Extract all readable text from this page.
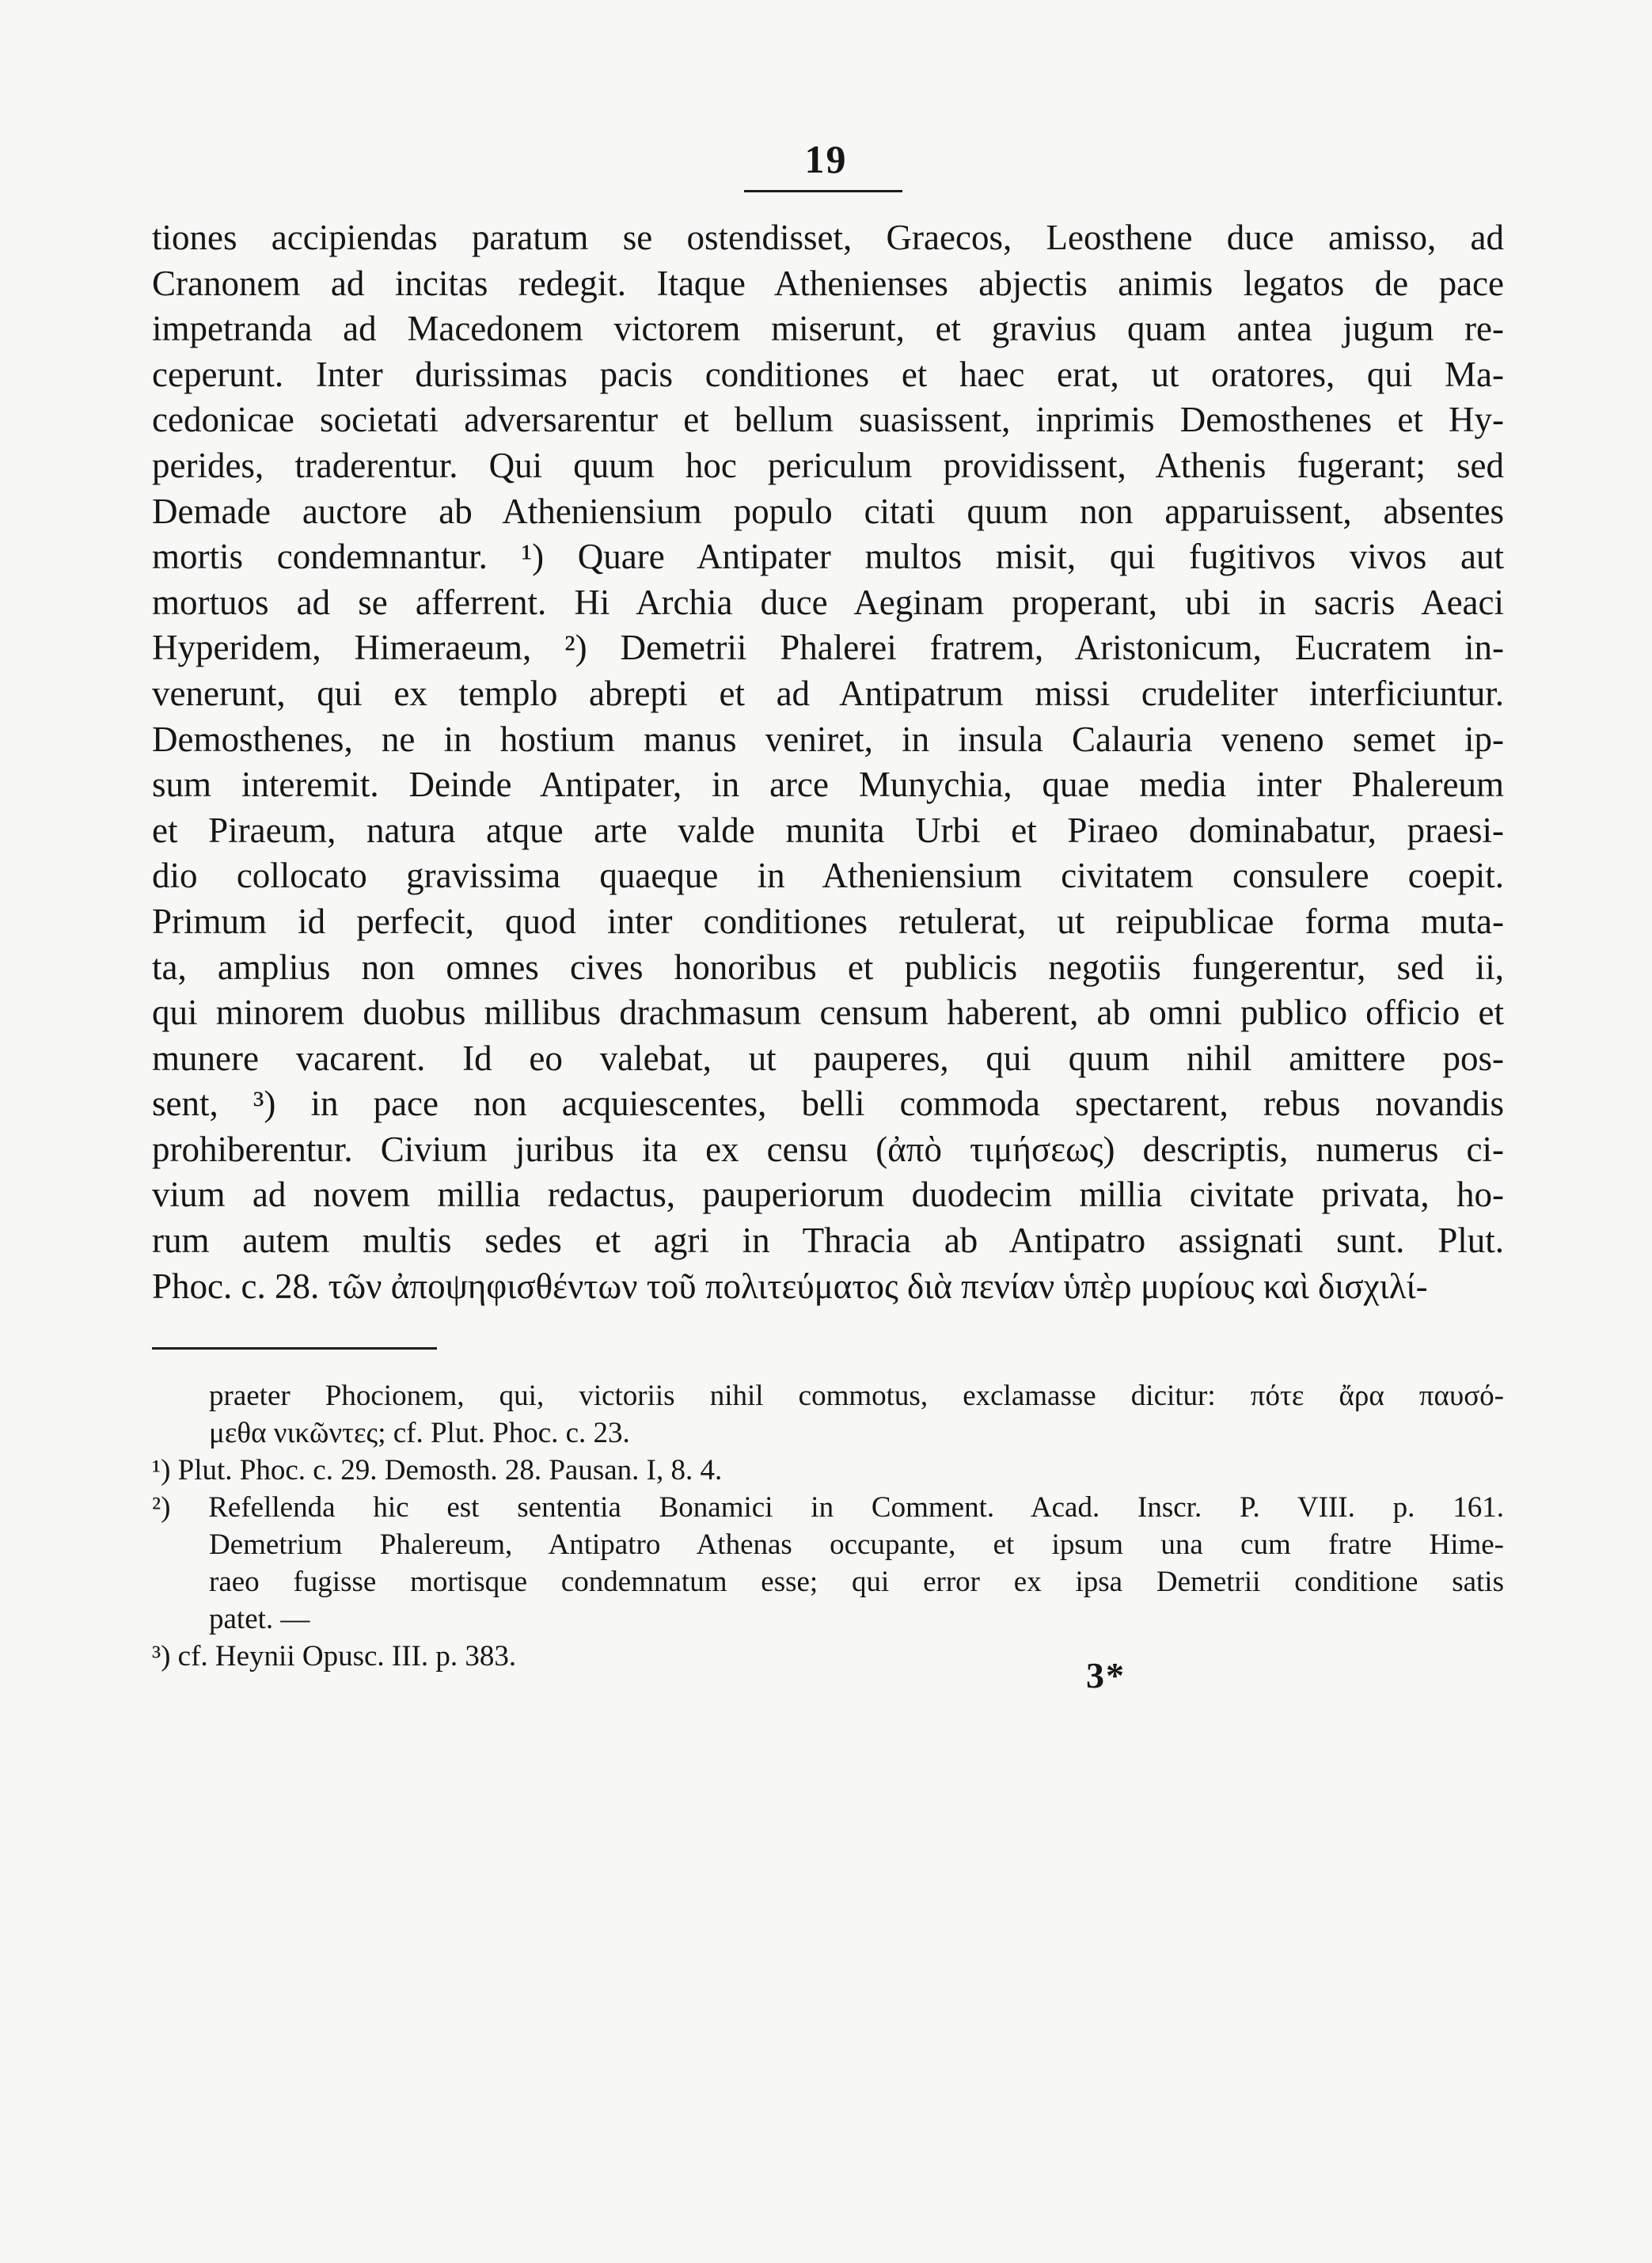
19
tiones accipiendas paratum se ostendisset, Graecos, Leosthene duce amisso, ad
Cranonem ad incitas redegit. Itaque Athenienses abjectis animis legatos de pace
impetranda ad Macedonem victorem miserunt, et gravius quam antea jugum re-
ceperunt. Inter durissimas pacis conditiones et haec erat, ut oratores, qui Ma-
cedonicae societati adversarentur et bellum suasissent, inprimis Demosthenes et Hy-
perides, traderentur. Qui quum hoc periculum providissent, Athenis fugerant; sed
Demade auctore ab Atheniensium populo citati quum non apparuissent, absentes
mortis condemnantur. ¹) Quare Antipater multos misit, qui fugitivos vivos aut
mortuos ad se afferrent. Hi Archia duce Aeginam properant, ubi in sacris Aeaci
Hyperidem, Himeraeum, ²) Demetrii Phalerei fratrem, Aristonicum, Eucratem in-
venerunt, qui ex templo abrepti et ad Antipatrum missi crudeliter interficiuntur.
Demosthenes, ne in hostium manus veniret, in insula Calauria veneno semet ip-
sum interemit. Deinde Antipater, in arce Munychia, quae media inter Phalereum
et Piraeum, natura atque arte valde munita Urbi et Piraeo dominabatur, praesi-
dio collocato gravissima quaeque in Atheniensium civitatem consulere coepit.
Primum id perfecit, quod inter conditiones retulerat, ut reipublicae forma muta-
ta, amplius non omnes cives honoribus et publicis negotiis fungerentur, sed ii,
qui minorem duobus millibus drachmasum censum haberent, ab omni publico officio et
munere vacarent. Id eo valebat, ut pauperes, qui quum nihil amittere pos-
sent, ³) in pace non acquiescentes, belli commoda spectarent, rebus novandis
prohiberentur. Civium juribus ita ex censu (ἀπὸ τιμήσεως) descriptis, numerus ci-
vium ad novem millia redactus, pauperiorum duodecim millia civitate privata, ho-
rum autem multis sedes et agri in Thracia ab Antipatro assignati sunt. Plut.
Phoc. c. 28. τῶν ἀποψηφισθέντων τοῦ πολιτεύματος διὰ πενίαν ὑπὲρ μυρίους καὶ δισχιλί-
praeter Phocionem, qui, victoriis nihil commotus, exclamasse dicitur: πότε ἄρα παυσό-
μεθα νικῶντες; cf. Plut. Phoc. c. 23.
¹) Plut. Phoc. c. 29. Demosth. 28. Pausan. I, 8. 4.
²) Refellenda hic est sententia Bonamici in Comment. Acad. Inscr. P. VIII. p. 161.
Demetrium Phalereum, Antipatro Athenas occupante, et ipsum una cum fratre Hime-
raeo fugisse mortisque condemnatum esse; qui error ex ipsa Demetrii conditione satis
patet. —
³) cf. Heynii Opusc. III. p. 383.	3*
